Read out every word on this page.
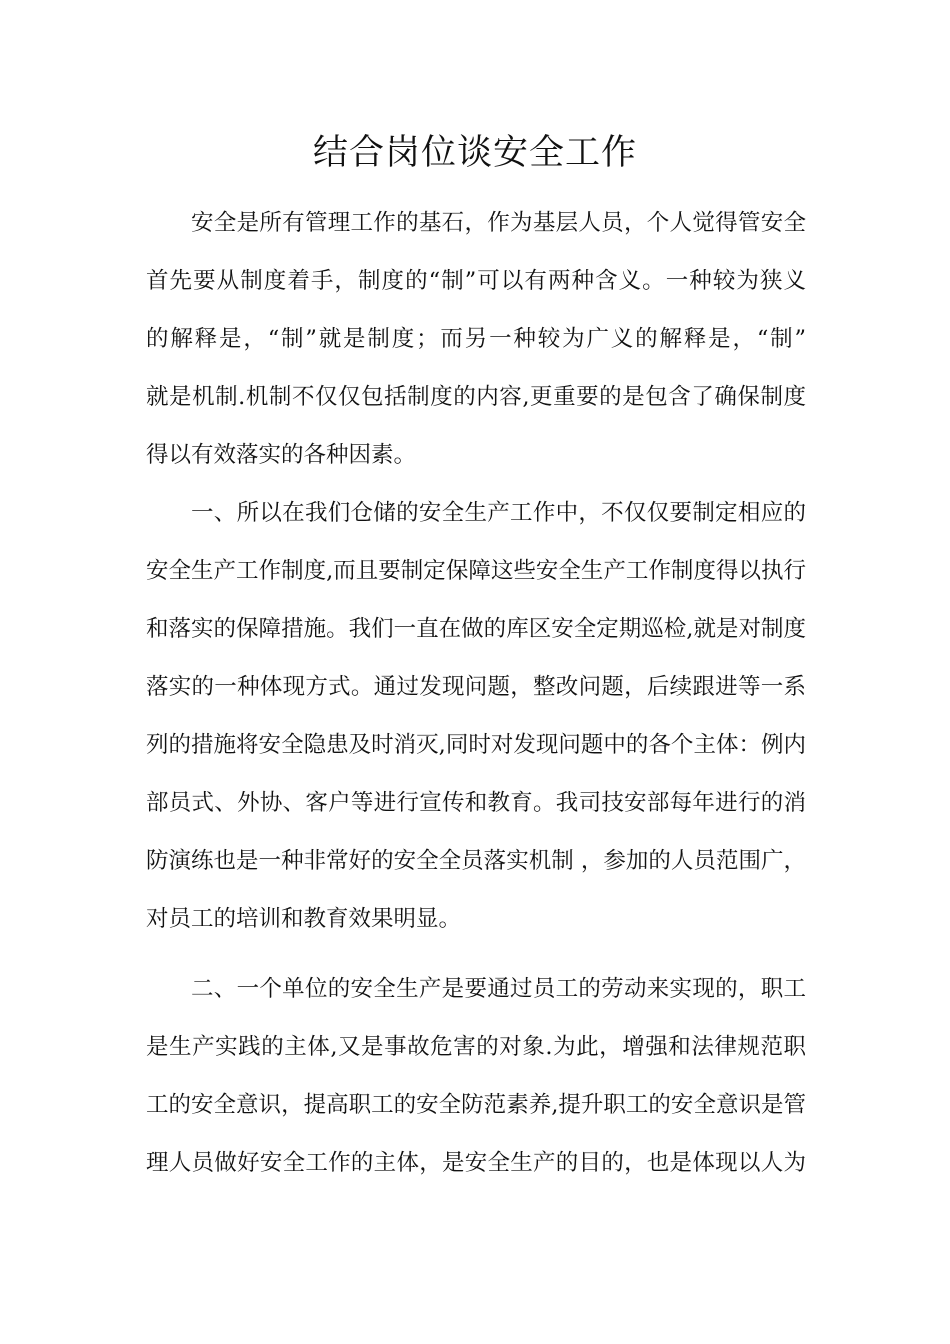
结合岗位谈安全工作
安全是所有管理工作的基石，作为基层人员，个人觉得管安全
首先要从制度着手，制度的“制”可以有两种含义。一种较为狭义
的解释是，“制”就是制度；而另一种较为广义的解释是，“制”
就是机制.机制不仅仅包括制度的内容,更重要的是包含了确保制度
得以有效落实的各种因素。
一、所以在我们仓储的安全生产工作中，不仅仅要制定相应的
安全生产工作制度,而且要制定保障这些安全生产工作制度得以执行
和落实的保障措施。我们一直在做的库区安全定期巡检,就是对制度
落实的一种体现方式。通过发现问题，整改问题，后续跟进等一系
列的措施将安全隐患及时消灭,同时对发现问题中的各个主体：例内
部员式、外协、客户等进行宣传和教育。我司技安部每年进行的消
防演练也是一种非常好的安全全员落实机制 ，参加的人员范围广，
对员工的培训和教育效果明显。
二、一个单位的安全生产是要通过员工的劳动来实现的，职工
是生产实践的主体,又是事故危害的对象.为此，增强和法律规范职
工的安全意识，提高职工的安全防范素养,提升职工的安全意识是管
理人员做好安全工作的主体，是安全生产的目的，也是体现以人为
